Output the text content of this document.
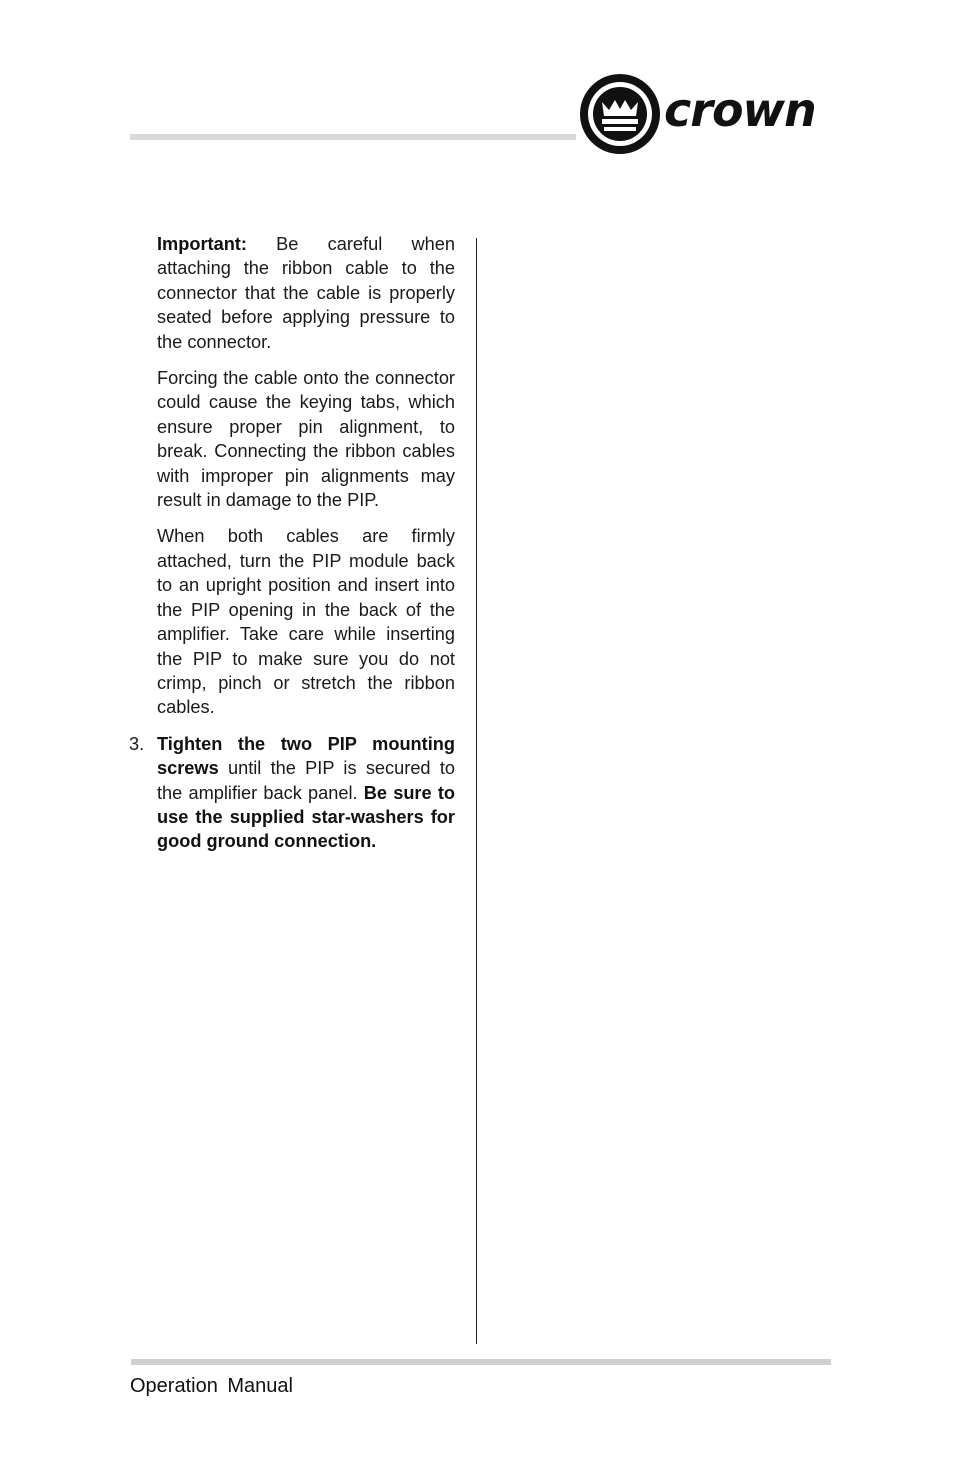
crown

Important: Be careful when attaching the ribbon cable to the connector that the cable is properly seated before applying pressure to the connector.

Forcing the cable onto the connector could cause the keying tabs, which ensure proper pin alignment, to break. Connecting the ribbon cables with improper pin alignments may result in damage to the PIP.

When both cables are firmly attached, turn the PIP module back to an upright position and insert into the PIP opening in the back of the amplifier. Take care while inserting the PIP to make sure you do not crimp, pinch or stretch the ribbon cables.

3. Tighten the two PIP mounting screws until the PIP is secured to the amplifier back panel. Be sure to use the supplied star-washers for good ground connection.

Operation Manual
